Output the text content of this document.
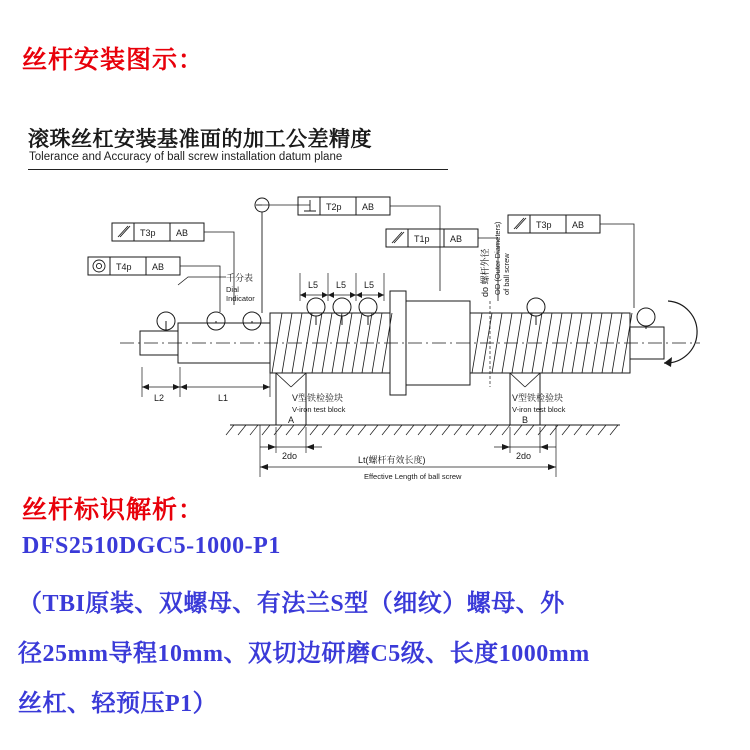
丝杆安装图示：
滚珠丝杠安装基准面的加工公差精度
Tolerance and Accuracy of ball screw installation datum plane
T3p AB
T4p AB
T2p AB
T1p AB
T3p AB
千分表
Dial
Indicator
L2	L1
L5 L5 L5
V型铁检验块
V-iron test block
V型铁检验块
V-iron test block
A	B
2do	2do
Lt(螺杆有效长度)
Effective Length of ball screw
do 螺杆外径 OD (Outer Diameters) of ball screw
丝杆标识解析：
DFS2510DGC5-1000-P1
（TBI原装、双螺母、有法兰S型（细纹）螺母、外
径25mm导程10mm、双切边研磨C5级、长度1000mm
丝杠、轻预压P1）
